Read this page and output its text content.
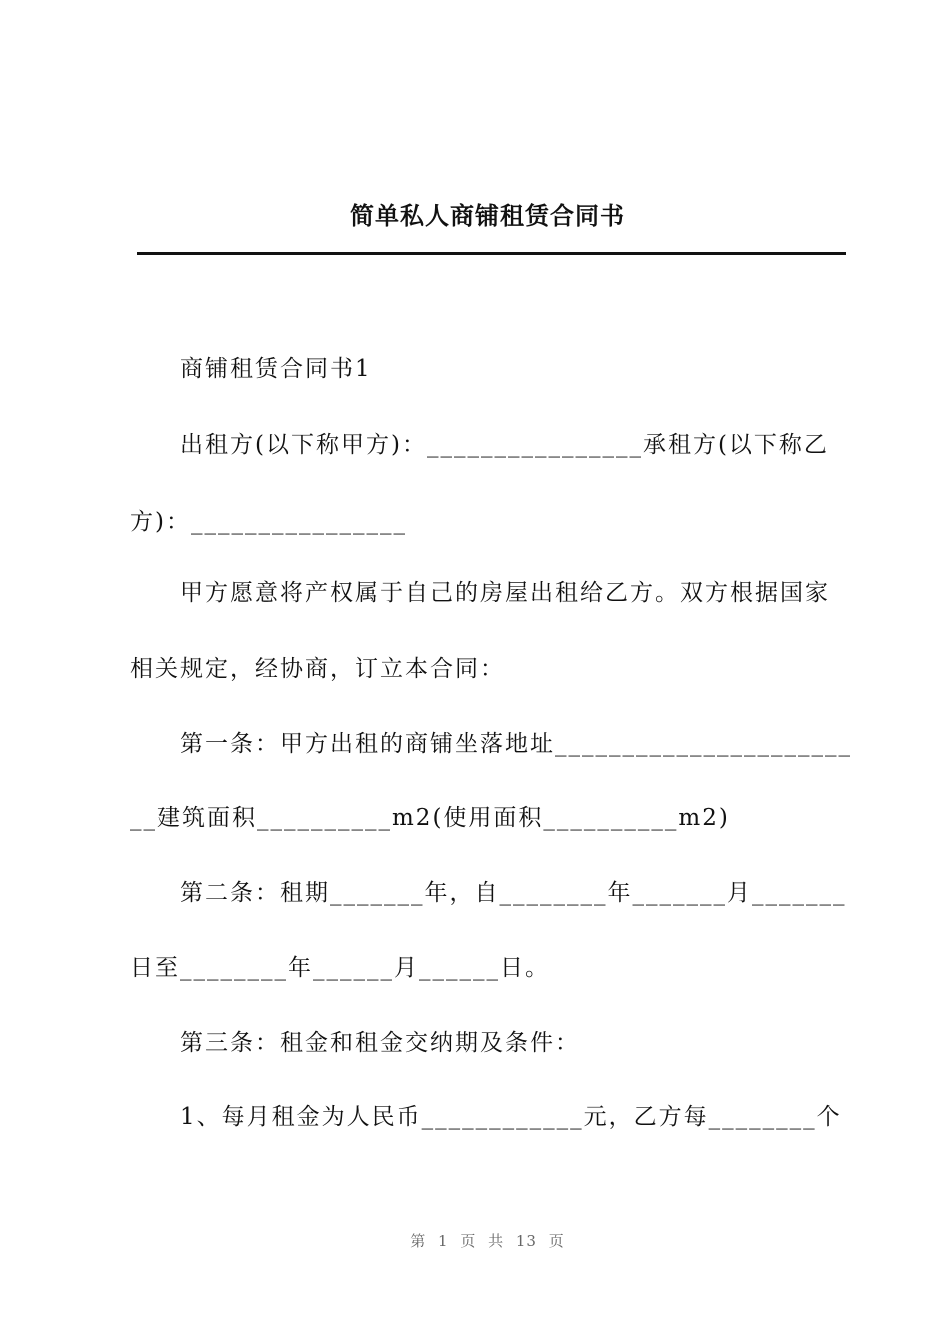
简单私人商铺租赁合同书
商铺租赁合同书1
出租方(以下称甲方)：________________承租方(以下称乙
方)：________________
甲方愿意将产权属于自己的房屋出租给乙方。双方根据国家
相关规定，经协商，订立本合同：
第一条：甲方出租的商铺坐落地址______________________
__建筑面积__________m2(使用面积__________m2)
第二条：租期_______年，自________年_______月_______
日至________年______月______日。
第三条：租金和租金交纳期及条件：
1、每月租金为人民币____________元，乙方每________个
第 1 页 共 13 页
